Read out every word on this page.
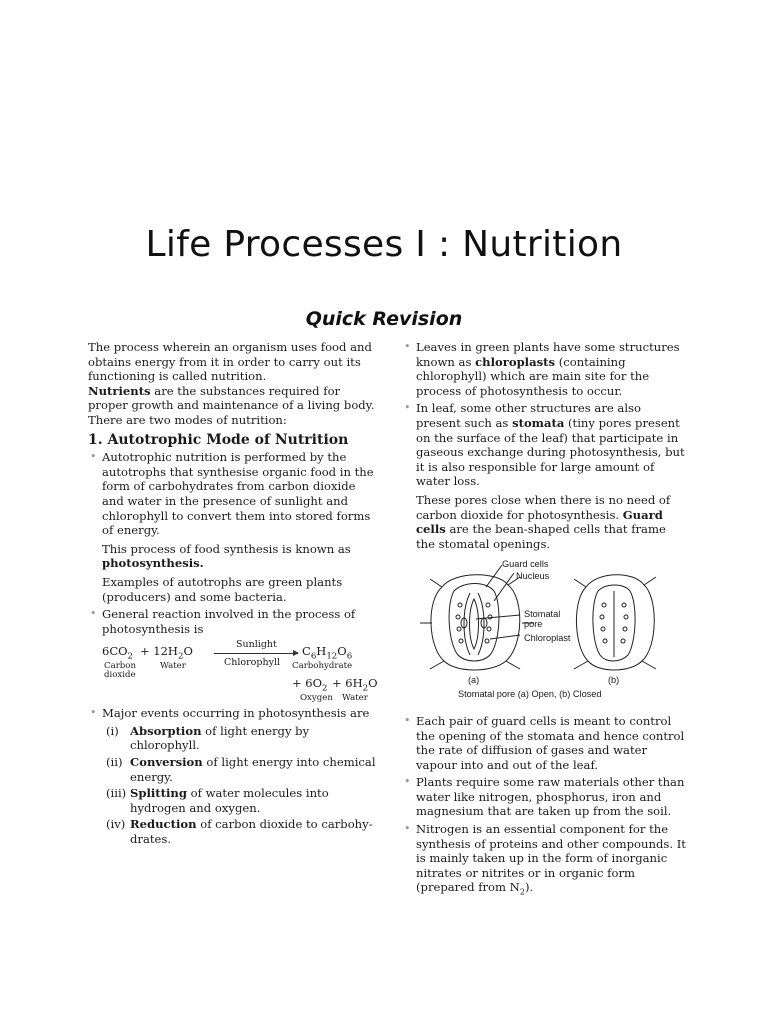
Life Processes I : Nutrition
Quick Revision

The process wherein an organism uses food and obtains energy from it in order to carry out its functioning is called nutrition.

Nutrients are the substances required for proper growth and maintenance of a living body.

There are two modes of nutrition:

1. Autotrophic Mode of Nutrition
• Autotrophic nutrition is performed by the autotrophs that synthesise organic food in the form of carbohydrates from carbon dioxide and water in the presence of sunlight and chlorophyll to convert them into stored forms of energy.

This process of food synthesis is known as photosynthesis.

Examples of autotrophs are green plants (producers) and some bacteria.

• General reaction involved in the process of photosynthesis is
$6CO_2 + 12H_2O$
Carbon
dioxide
Water
Sunlight
Chlorophyll
$C_6H_{12}O_6$
Carbohydrate
+ $6O_2 + 6H_2O$
Oxygen Water
• Major events occurring in photosynthesis are
(i) Absorption of light energy by chlorophyll.
(ii) Conversion of light energy into chemical energy.
(iii) Splitting of water molecules into hydrogen and oxygen.
(iv) Reduction of carbon dioxide to carbohy-drates.
• Leaves in green plants have some structures known as chloroplasts (containing chlorophyll) which are main site for the process of photosynthesis to occur.
• In leaf, some other structures are also present such as stomata (tiny pores present on the surface of the leaf) that participate in gaseous exchange during photosynthesis, but it is also responsible for large amount of water loss.

These pores close when there is no need of carbon dioxide for photosynthesis. Guard cells are the bean-shaped cells that frame the stomatal openings.

Guard cells
Nucleus
Stomatal
pore
Chloroplast
(a)	(b)
Stomatal pore (a) Open, (b) Closed
• Each pair of guard cells is meant to control the opening of the stomata and hence control the rate of diffusion of gases and water vapour into and out of the leaf.
• Plants require some raw materials other than water like nitrogen, phosphorus, iron and magnesium that are taken up from the soil.
• Nitrogen is an essential component for the synthesis of proteins and other compounds. It is mainly taken up in the form of inorganic nitrates or nitrites or in organic form (prepared from $N_2$).
